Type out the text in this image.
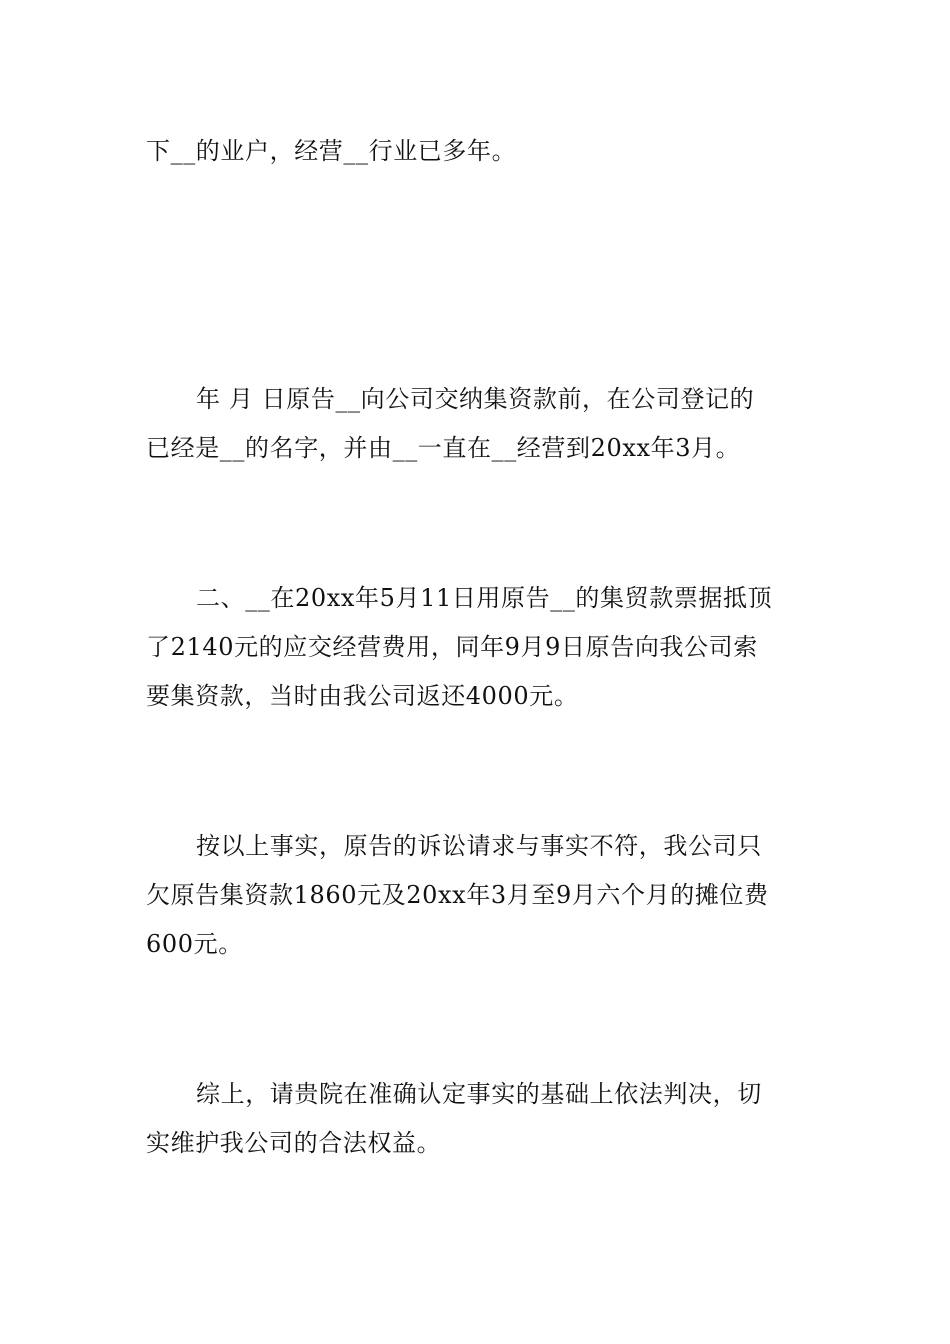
下__的业户，经营__行业已多年。
年 月 日原告__向公司交纳集资款前，在公司登记的
已经是__的名字，并由__一直在__经营到20xx年3月。
二、__在20xx年5月11日用原告__的集贸款票据抵顶
了2140元的应交经营费用，同年9月9日原告向我公司索
要集资款，当时由我公司返还4000元。
按以上事实，原告的诉讼请求与事实不符，我公司只
欠原告集资款1860元及20xx年3月至9月六个月的摊位费
600元。
综上，请贵院在准确认定事实的基础上依法判决，切
实维护我公司的合法权益。
